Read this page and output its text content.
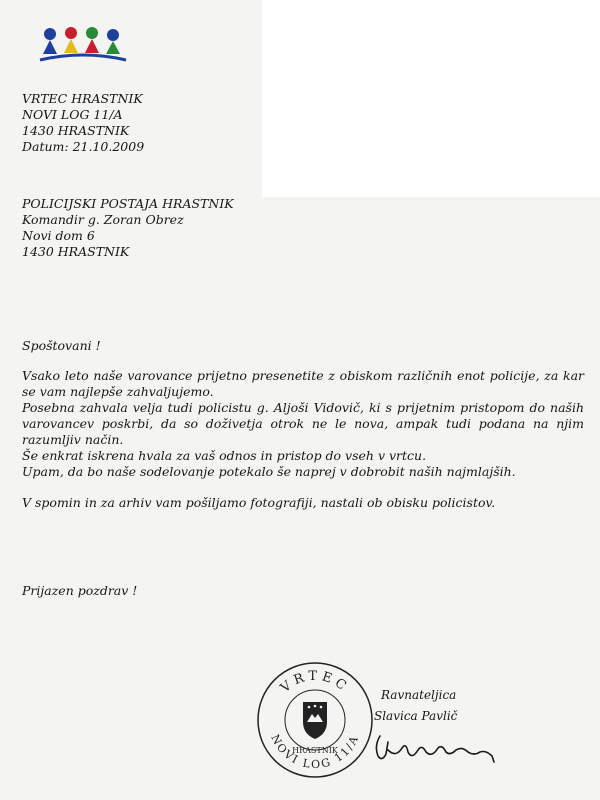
VRTEC HRASTNIK
NOVI LOG 11/A
1430 HRASTNIK
Datum: 21.10.2009
POLICIJSKI POSTAJA HRASTNIK
Komandir g. Zoran Obrez
Novi dom 6
1430 HRASTNIK
Spoštovani !

Vsako leto naše varovance prijetno presenetite z obiskom različnih enot policije, za kar se vam najlepše zahvaljujemo.

Posebna zahvala velja tudi policistu g. Aljoši Vidovič, ki s prijetnim pristopom do naših varovancev poskrbi, da so doživetja otrok ne le nova, ampak tudi podana na njim razumljiv način.

Še enkrat iskrena hvala za vaš odnos in pristop do vseh v vrtcu.

Upam, da bo naše sodelovanje potekalo še naprej v dobrobit naših najmlajših.

V spomin in za arhiv vam pošiljamo fotografiji, nastali ob obisku policistov.

Prijazen pozdrav !
VRTEC
NOVI LOG 11/A
HRASTNIK
Ravnateljica
Slavica Pavlič
